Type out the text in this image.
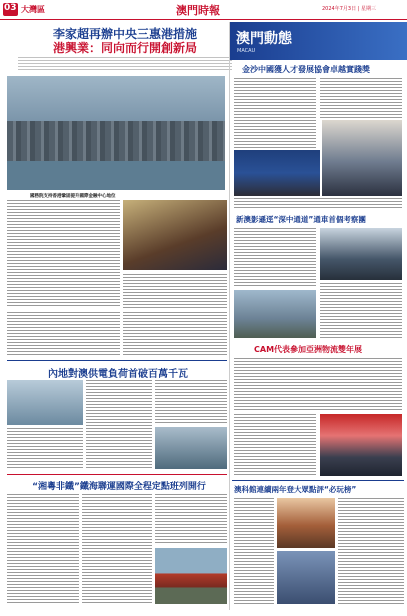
03 大灣區	澳門時報	2024年7月3日 | 星期三
李家超再辦中央三惠港措施
港興業：同向而行開創新局
國務院支持香港鞏固提升國際金融中心地位
內地對澳供電負荷首破百萬千瓦
“湘粵非鐵”鐵海聯運國際全程定點班列開行
澳門動態
MACAU
金沙中國獲人才發展協會卓越實踐獎
新澳影遜逕“深中通道”通車首個考察團
CAM代表參加亞洲物流雙年展
澳科館連續兩年登大眾點評“必玩榜”
